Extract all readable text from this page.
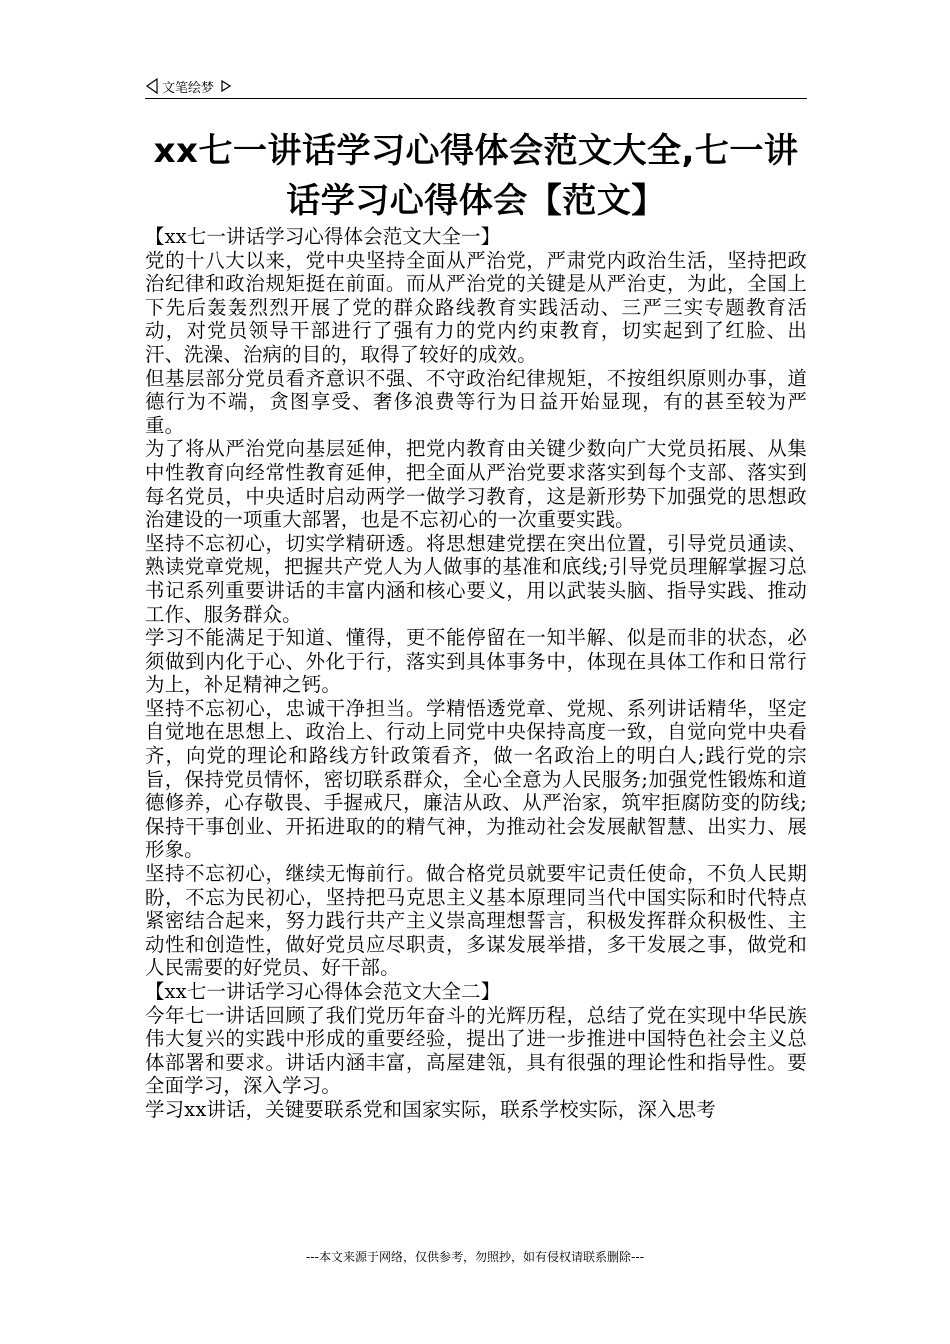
文笔绘梦
xx七一讲话学习心得体会范文大全,七一讲话学习心得体会【范文】

【xx七一讲话学习心得体会范文大全一】

党的十八大以来，党中央坚持全面从严治党，严肃党内政治生活，坚持把政治纪律和政治规矩挺在前面。而从严治党的关键是从严治吏，为此，全国上下先后轰轰烈烈开展了党的群众路线教育实践活动、三严三实专题教育活动，对党员领导干部进行了强有力的党内约束教育，切实起到了红脸、出汗、洗澡、治病的目的，取得了较好的成效。

但基层部分党员看齐意识不强、不守政治纪律规矩，不按组织原则办事，道德行为不端，贪图享受、奢侈浪费等行为日益开始显现，有的甚至较为严重。

为了将从严治党向基层延伸，把党内教育由关键少数向广大党员拓展、从集中性教育向经常性教育延伸，把全面从严治党要求落实到每个支部、落实到每名党员，中央适时启动两学一做学习教育，这是新形势下加强党的思想政治建设的一项重大部署，也是不忘初心的一次重要实践。

坚持不忘初心，切实学精研透。将思想建党摆在突出位置，引导党员通读、熟读党章党规，把握共产党人为人做事的基准和底线;引导党员理解掌握习总书记系列重要讲话的丰富内涵和核心要义，用以武装头脑、指导实践、推动工作、服务群众。

学习不能满足于知道、懂得，更不能停留在一知半解、似是而非的状态，必须做到内化于心、外化于行，落实到具体事务中，体现在具体工作和日常行为上，补足精神之钙。

坚持不忘初心，忠诚干净担当。学精悟透党章、党规、系列讲话精华，坚定自觉地在思想上、政治上、行动上同党中央保持高度一致，自觉向党中央看齐，向党的理论和路线方针政策看齐，做一名政治上的明白人;践行党的宗旨，保持党员情怀，密切联系群众，全心全意为人民服务;加强党性锻炼和道德修养，心存敬畏、手握戒尺，廉洁从政、从严治家，筑牢拒腐防变的防线;保持干事创业、开拓进取的的精气神，为推动社会发展献智慧、出实力、展形象。

坚持不忘初心，继续无悔前行。做合格党员就要牢记责任使命，不负人民期盼，不忘为民初心，坚持把马克思主义基本原理同当代中国实际和时代特点紧密结合起来，努力践行共产主义崇高理想誓言，积极发挥群众积极性、主动性和创造性，做好党员应尽职责，多谋发展举措，多干发展之事，做党和人民需要的好党员、好干部。

【xx七一讲话学习心得体会范文大全二】

今年七一讲话回顾了我们党历年奋斗的光辉历程，总结了党在实现中华民族伟大复兴的实践中形成的重要经验，提出了进一步推进中国特色社会主义总体部署和要求。讲话内涵丰富，高屋建瓴，具有很强的理论性和指导性。要全面学习，深入学习。

学习xx讲话，关键要联系党和国家实际，联系学校实际，深入思考

---本文来源于网络，仅供参考，勿照抄，如有侵权请联系删除---
